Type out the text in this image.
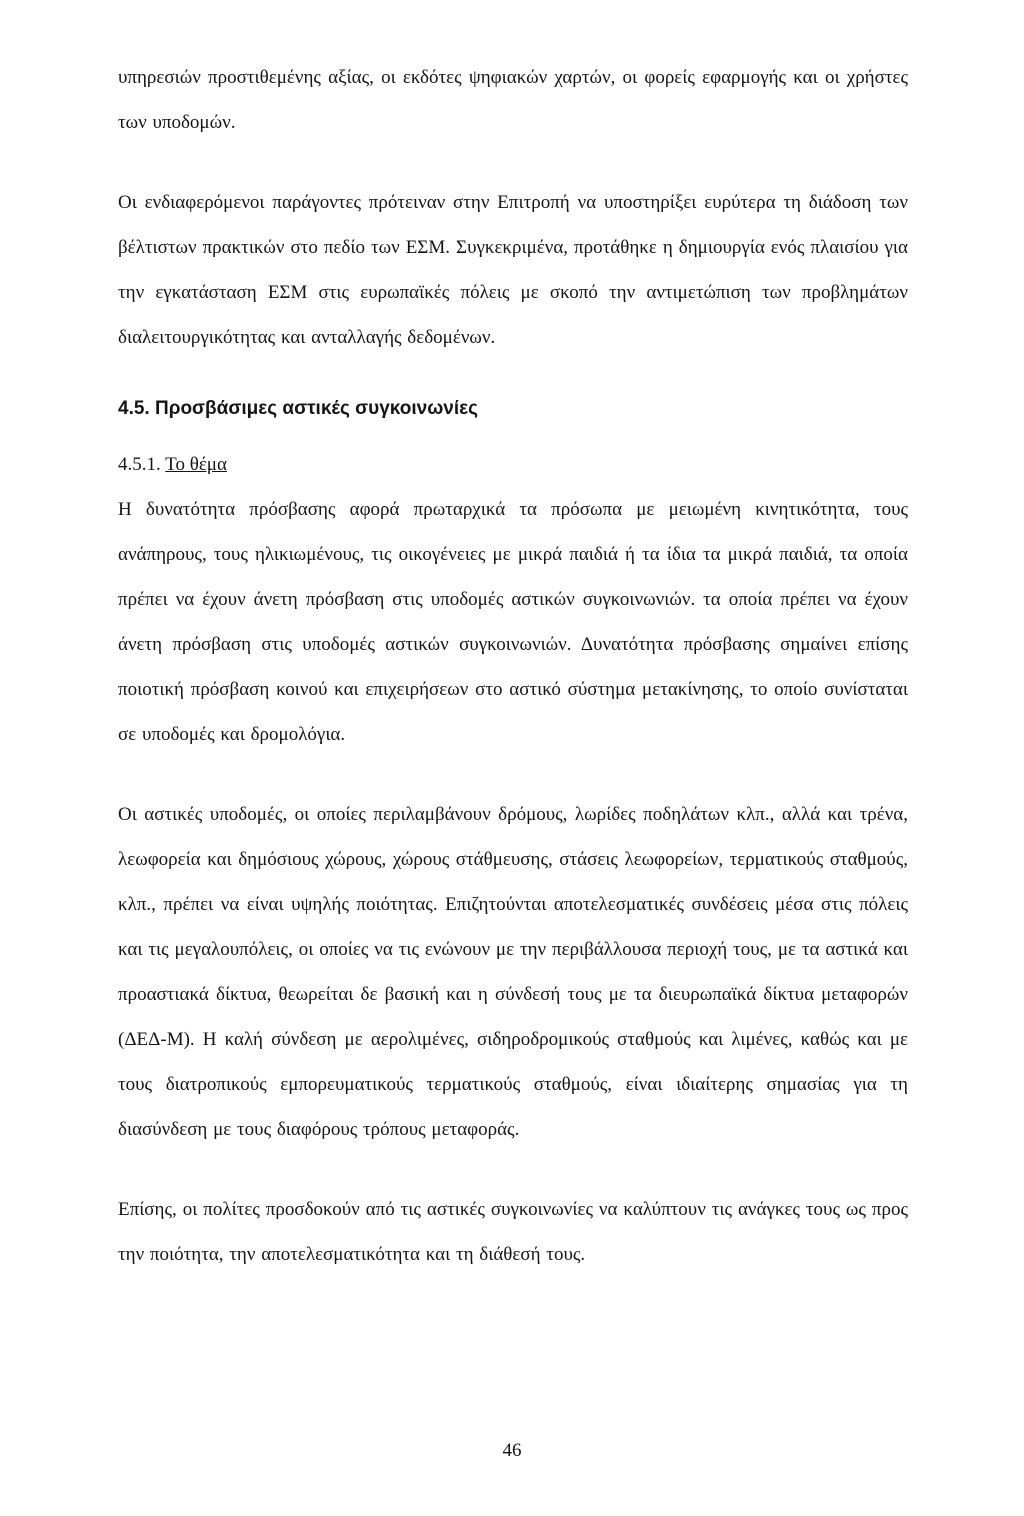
υπηρεσιών προστιθεμένης αξίας, οι εκδότες ψηφιακών χαρτών, οι φορείς εφαρμογής και οι χρήστες των υποδομών.

Οι ενδιαφερόμενοι παράγοντες πρότειναν στην Επιτροπή να υποστηρίξει ευρύτερα τη διάδοση των βέλτιστων πρακτικών στο πεδίο των ΕΣΜ. Συγκεκριμένα, προτάθηκε η δημιουργία ενός πλαισίου για την εγκατάσταση ΕΣΜ στις ευρωπαϊκές πόλεις με σκοπό την αντιμετώπιση των προβλημάτων διαλειτουργικότητας και ανταλλαγής δεδομένων.

4.5. Προσβάσιμες αστικές συγκοινωνίες
4.5.1. Το θέμα

Η δυνατότητα πρόσβασης αφορά πρωταρχικά τα πρόσωπα με μειωμένη κινητικότητα, τους ανάπηρους, τους ηλικιωμένους, τις οικογένειες με μικρά παιδιά ή τα ίδια τα μικρά παιδιά, τα οποία πρέπει να έχουν άνετη πρόσβαση στις υποδομές αστικών συγκοινωνιών. τα οποία πρέπει να έχουν άνετη πρόσβαση στις υποδομές αστικών συγκοινωνιών. Δυνατότητα πρόσβασης σημαίνει επίσης ποιοτική πρόσβαση κοινού και επιχειρήσεων στο αστικό σύστημα μετακίνησης, το οποίο συνίσταται σε υποδομές και δρομολόγια.

Οι αστικές υποδομές, οι οποίες περιλαμβάνουν δρόμους, λωρίδες ποδηλάτων κλπ., αλλά και τρένα, λεωφορεία και δημόσιους χώρους, χώρους στάθμευσης, στάσεις λεωφορείων, τερματικούς σταθμούς, κλπ., πρέπει να είναι υψηλής ποιότητας. Επιζητούνται αποτελεσματικές συνδέσεις μέσα στις πόλεις και τις μεγαλουπόλεις, οι οποίες να τις ενώνουν με την περιβάλλουσα περιοχή τους, με τα αστικά και προαστιακά δίκτυα, θεωρείται δε βασική και η σύνδεσή τους με τα διευρωπαϊκά δίκτυα μεταφορών (ΔΕΔ-Μ). Η καλή σύνδεση με αερολιμένες, σιδηροδρομικούς σταθμούς και λιμένες, καθώς και με τους διατροπικούς εμπορευματικούς τερματικούς σταθμούς, είναι ιδιαίτερης σημασίας για τη διασύνδεση με τους διαφόρους τρόπους μεταφοράς.

Επίσης, οι πολίτες προσδοκούν από τις αστικές συγκοινωνίες να καλύπτουν τις ανάγκες τους ως προς την ποιότητα, την αποτελεσματικότητα και τη διάθεσή τους.

46
